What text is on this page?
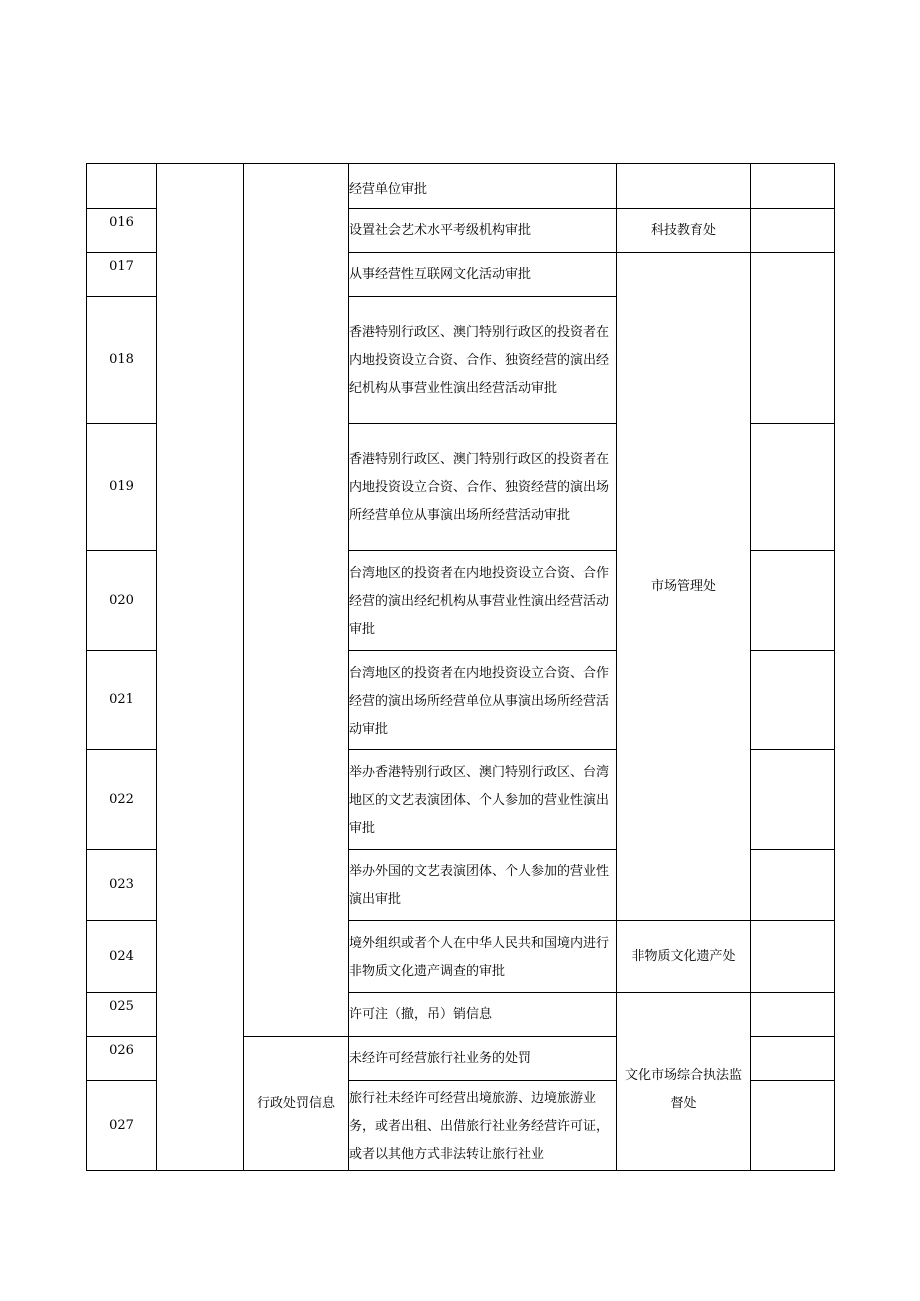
			经营单位审批		

016			设置社会艺术水平考级机构审批	科技教育处	
017			从事经营性互联网文化活动审批	市场管理处	
018			香港特别行政区、澳门特别行政区的投资者在内地投资设立合资、合作、独资经营的演出经纪机构从事营业性演出经营活动审批		

019			香港特别行政区、澳门特别行政区的投资者在内地投资设立合资、合作、独资经营的演出场所经营单位从事演出场所经营活动审批		

020			台湾地区的投资者在内地投资设立合资、合作经营的演出经纪机构从事营业性演出经营活动审批		

021			台湾地区的投资者在内地投资设立合资、合作经营的演出场所经营单位从事演出场所经营活动审批		

022			举办香港特别行政区、澳门特别行政区、台湾地区的文艺表演团体、个人参加的营业性演出审批		

023			举办外国的文艺表演团体、个人参加的营业性演出审批		

024			境外组织或者个人在中华人民共和国境内进行非物质文化遗产调查的审批	非物质文化遗产处	
025			许可注（撤，吊）销信息	文化市场综合执法监督处	

026		行政处罚信息	未经许可经营旅行社业务的处罚		

027			旅行社未经许可经营出境旅游、边境旅游业务，或者出租、出借旅行社业务经营许可证，或者以其他方式非法转让旅行社业		
